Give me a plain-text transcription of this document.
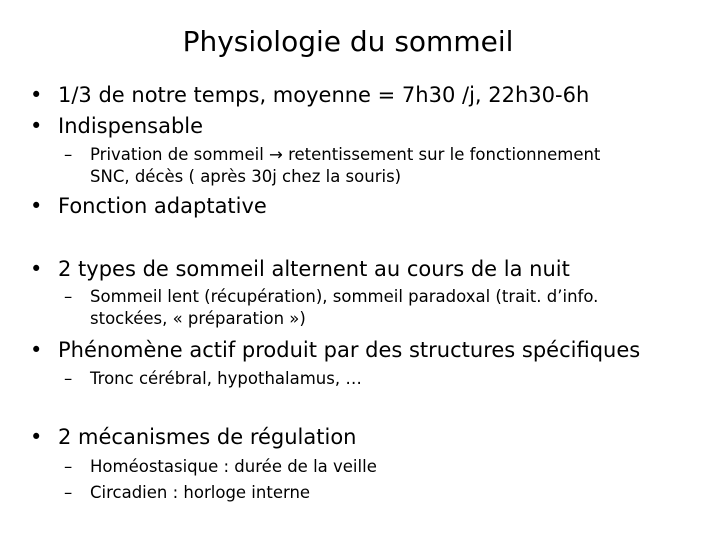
Physiologie du sommeil
• 1/3 de notre temps, moyenne = 7h30 /j, 22h30-6h
• Indispensable
–	Privation de sommeil → retentissement sur le fonctionnement
SNC, décès ( après 30j chez la souris)
• Fonction adaptative
• 2 types de sommeil alternent au cours de la nuit
–	Sommeil lent (récupération), sommeil paradoxal (trait. d’info.
stockées, « préparation »)
• Phénomène actif produit par des structures spécifiques
–	Tronc cérébral, hypothalamus, …
• 2 mécanismes de régulation
–	Homéostasique : durée de la veille
–	Circadien : horloge interne
